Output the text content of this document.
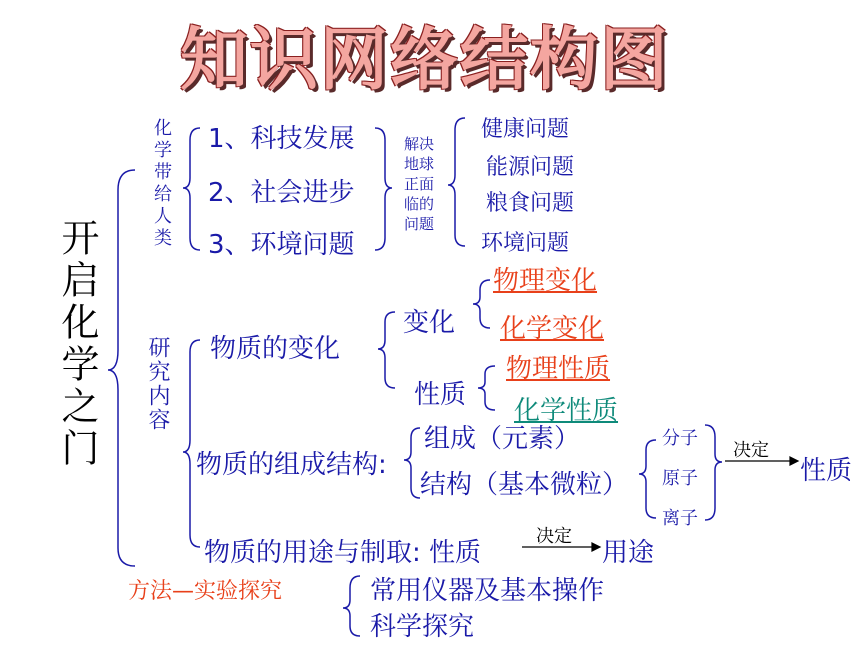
知识网络结构图
开启化学之门
化学带给人类 1、科技发展
2、社会进步
3、环境问题
解决地球正面临的问题
健康问题
能源问题
粮食问题
环境问题
研究内容 物质的变化
变化
物理变化
化学变化
性质
物理性质
化学性质
物质的组成结构:
组成（元素）
结构（基本微粒）
分子
原子
离子
决定
性质
物质的用途与制取: 性质
决定
用途
方法—实验探究	常用仪器及基本操作
科学探究
